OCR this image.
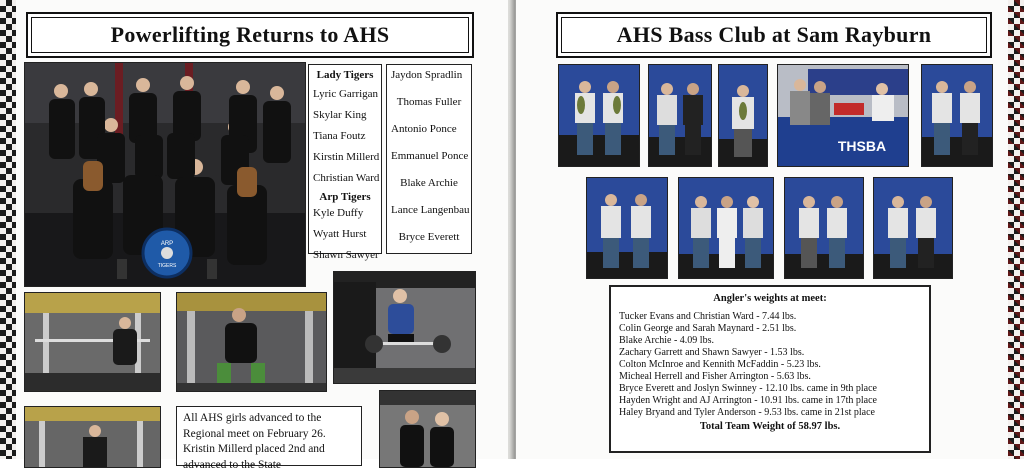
Powerlifting Returns to AHS
ARP
TIGERS

Lady Tigers

Lyric Garrigan

Skylar King

Tiana Foutz

Kirstin Millerd

Christian Ward

Arp Tigers

Kyle Duffy

Wyatt Hurst

Shawn Sawyer

Jaydon Spradlin

Thomas Fuller

Antonio Ponce

Emmanuel Ponce

Blake Archie

Lance Langenbau

Bryce Everett

All AHS girls advanced to the Regional meet on February 26. Kristin Millerd placed 2nd and advanced to the State
AHS Bass Club at Sam Rayburn
THSBA
Angler's weights at meet:
Tucker Evans and Christian Ward - 7.44 lbs.
Colin George and Sarah Maynard - 2.51 lbs.
Blake Archie - 4.09 lbs.
Zachary Garrett and Shawn Sawyer - 1.53 lbs.
Colton McInroe and Kennith McFaddin - 5.23 lbs.
Micheal Herrell and Fisher Arrington - 5.63 lbs.
Bryce Everett and Joslyn Swinney - 12.10 lbs. came in 9th place
Hayden Wright and AJ Arrington - 10.91 lbs. came in 17th place
Haley Bryand and Tyler Anderson - 9.53 lbs. came in 21st place
Total Team Weight of 58.97 lbs.
